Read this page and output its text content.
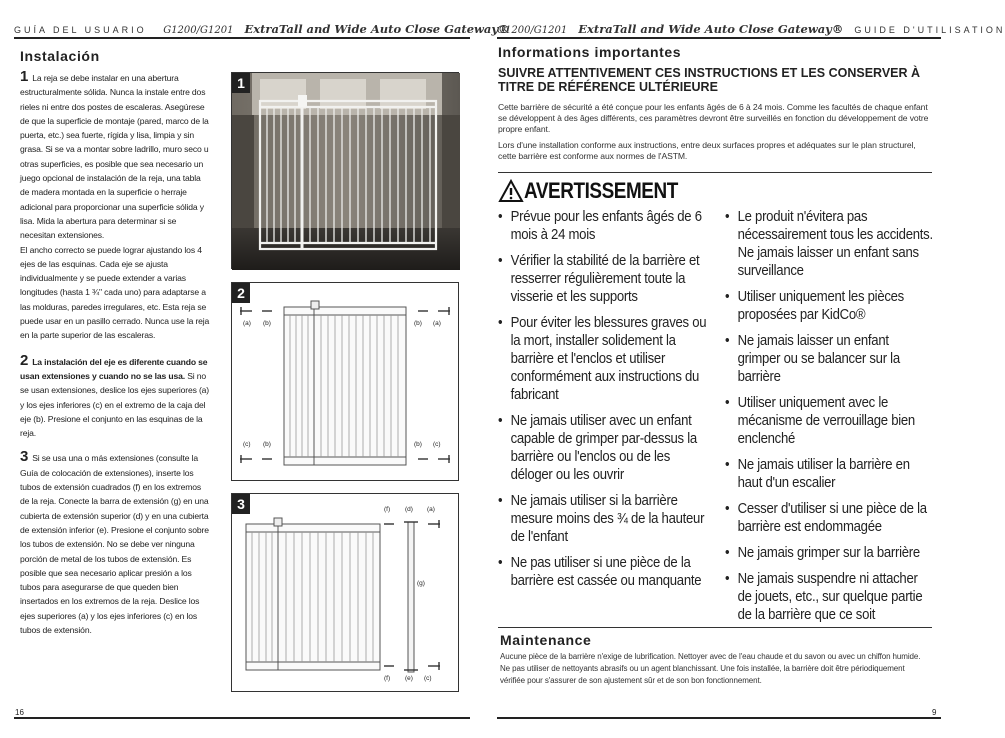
GUÍA DEL USUARIO G1200/G1201 ExtraTall and Wide Auto Close Gateway®
G1200/G1201 ExtraTall and Wide Auto Close Gateway® GUIDE D'UTILISATION
Instalación

1 La reja se debe instalar en una abertura estructuralmente sólida. Nunca la instale entre dos rieles ni entre dos postes de escaleras. Asegúrese de que la superficie de montaje (pared, marco de la puerta, etc.) sea fuerte, rígida y lisa, limpia y sin grasa. Si se va a montar sobre ladrillo, muro seco u otras superficies, es posible que sea necesario un juego opcional de instalación de la reja, una tabla de madera montada en la superficie o herraje adicional para proporcionar una superficie sólida y lisa. Mida la abertura para determinar si se necesitan extensiones.

El ancho correcto se puede lograr ajustando los 4 ejes de las esquinas. Cada eje se ajusta individualmente y se puede extender a varias longitudes (hasta 1 ¾" cada uno) para adaptarse a las molduras, paredes irregulares, etc. Esta reja se puede usar en un pasillo cerrado. Nunca use la reja en la parte superior de las escaleras.

2 La instalación del eje es diferente cuando se usan extensiones y cuando no se las usa. Si no se usan extensiones, deslice los ejes superiores (a) y los ejes inferiores (c) en el extremo de la caja del eje (b). Presione el conjunto en las esquinas de la reja.

3 Si se usa una o más extensiones (consulte la Guía de colocación de extensiones), inserte los tubos de extensión cuadrados (f) en los extremos de la reja. Conecte la barra de extensión (g) en una cubierta de extensión superior (d) y en una cubierta de extensión inferior (e). Presione el conjunto sobre los tubos de extensión. No se debe ver ninguna porción de metal de los tubos de extensión. Es posible que sea necesario aplicar presión a los tubos para asegurarse de que queden bien insertados en los extremos de la reja. Deslice los ejes superiores (a) y los ejes inferiores (c) en los tubos de extensión.

1
2
(a) (b)	(b) (a)
(c) (b)	(b) (c)
3	(f) (d) (a)
(g)
(f) (e) (c)
Informations importantes
SUIVRE ATTENTIVEMENT CES INSTRUCTIONS ET LES CONSERVER À TITRE DE RÉFÉRENCE ULTÉRIEURE

Cette barrière de sécurité a été conçue pour les enfants âgés de 6 à 24 mois. Comme les facultés de chaque enfant se développent à des âges différents, ces paramètres devront être surveillés en fonction du développement de votre propre enfant.

Lors d'une installation conforme aux instructions, entre deux surfaces propres et adéquates sur le plan structurel, cette barrière est conforme aux normes de l'ASTM.

AVERTISSEMENT
• Prévue pour les enfants âgés de 6 mois à 24 mois
• Vérifier la stabilité de la barrière et resserrer régulièrement toute la visserie et les supports
• Pour éviter les blessures graves ou la mort, installer solidement la barrière et l'enclos et utiliser conformément aux instructions du fabricant
• Ne jamais utiliser avec un enfant capable de grimper par-dessus la barrière ou l'enclos ou de les déloger ou les ouvrir
• Ne jamais utiliser si la barrière mesure moins des ¾ de la hauteur de l'enfant
• Ne pas utiliser si une pièce de la barrière est cassée ou manquante
• Le produit n'évitera pas nécessairement tous les accidents. Ne jamais laisser un enfant sans surveillance
• Utiliser uniquement les pièces proposées par KidCo®
• Ne jamais laisser un enfant grimper ou se balancer sur la barrière
• Utiliser uniquement avec le mécanisme de verrouillage bien enclenché
• Ne jamais utiliser la barrière en haut d'un escalier
• Cesser d'utiliser si une pièce de la barrière est endommagée
• Ne jamais grimper sur la barrière
• Ne jamais suspendre ni attacher de jouets, etc., sur quelque partie de la barrière que ce soit
Maintenance

Aucune pièce de la barrière n'exige de lubrification. Nettoyer avec de l'eau chaude et du savon ou avec un chiffon humide. Ne pas utiliser de nettoyants abrasifs ou un agent blanchissant. Une fois installée, la barrière doit être périodiquement vérifiée pour s'assurer de son ajustement sûr et de son bon fonctionnement.

16	9
